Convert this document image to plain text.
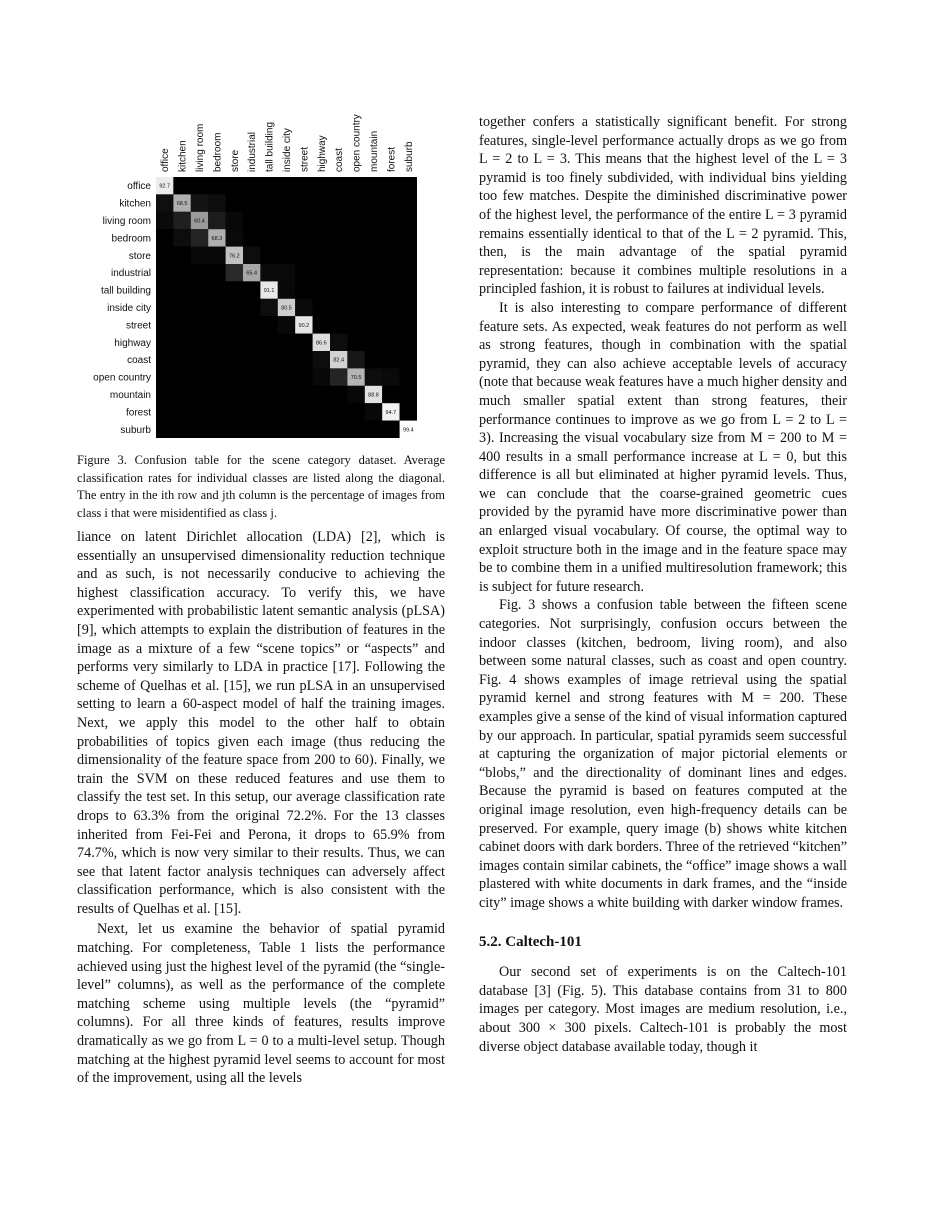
92.7
68.5
60.4
68.3
76.2
65.4
91.1
80.5
90.2
86.6
82.4
70.5
88.8
94.7
99.4
office
kitchen
living room
bedroom
store
industrial
tall building
inside city
street
highway
coast
open country
mountain
forest
suburb
office kitchen living room bedroom store industrial tall building inside city street highway coast open country mountain forest suburb

Figure 3. Confusion table for the scene category dataset. Average classification rates for individual classes are listed along the diagonal. The entry in the ith row and jth column is the percentage of images from class i that were misidentified as class j.

liance on latent Dirichlet allocation (LDA) [2], which is essentially an unsupervised dimensionality reduction technique and as such, is not necessarily conducive to achieving the highest classification accuracy. To verify this, we have experimented with probabilistic latent semantic analysis (pLSA) [9], which attempts to explain the distribution of features in the image as a mixture of a few “scene topics” or “aspects” and performs very similarly to LDA in practice [17]. Following the scheme of Quelhas et al. [15], we run pLSA in an unsupervised setting to learn a 60-aspect model of half the training images. Next, we apply this model to the other half to obtain probabilities of topics given each image (thus reducing the dimensionality of the feature space from 200 to 60). Finally, we train the SVM on these reduced features and use them to classify the test set. In this setup, our average classification rate drops to 63.3% from the original 72.2%. For the 13 classes inherited from Fei-Fei and Perona, it drops to 65.9% from 74.7%, which is now very similar to their results. Thus, we can see that latent factor analysis techniques can adversely affect classification performance, which is also consistent with the results of Quelhas et al. [15].

Next, let us examine the behavior of spatial pyramid matching. For completeness, Table 1 lists the performance achieved using just the highest level of the pyramid (the “single-level” columns), as well as the performance of the complete matching scheme using multiple levels (the “pyramid” columns). For all three kinds of features, results improve dramatically as we go from L = 0 to a multi-level setup. Though matching at the highest pyramid level seems to account for most of the improvement, using all the levels

together confers a statistically significant benefit. For strong features, single-level performance actually drops as we go from L = 2 to L = 3. This means that the highest level of the L = 3 pyramid is too finely subdivided, with individual bins yielding too few matches. Despite the diminished discriminative power of the highest level, the performance of the entire L = 3 pyramid remains essentially identical to that of the L = 2 pyramid. This, then, is the main advantage of the spatial pyramid representation: because it combines multiple resolutions in a principled fashion, it is robust to failures at individual levels.

It is also interesting to compare performance of different feature sets. As expected, weak features do not perform as well as strong features, though in combination with the spatial pyramid, they can also achieve acceptable levels of accuracy (note that because weak features have a much higher density and much smaller spatial extent than strong features, their performance continues to improve as we go from L = 2 to L = 3). Increasing the visual vocabulary size from M = 200 to M = 400 results in a small performance increase at L = 0, but this difference is all but eliminated at higher pyramid levels. Thus, we can conclude that the coarse-grained geometric cues provided by the pyramid have more discriminative power than an enlarged visual vocabulary. Of course, the optimal way to exploit structure both in the image and in the feature space may be to combine them in a unified multiresolution framework; this is subject for future research.

Fig. 3 shows a confusion table between the fifteen scene categories. Not surprisingly, confusion occurs between the indoor classes (kitchen, bedroom, living room), and also between some natural classes, such as coast and open country. Fig. 4 shows examples of image retrieval using the spatial pyramid kernel and strong features with M = 200. These examples give a sense of the kind of visual information captured by our approach. In particular, spatial pyramids seem successful at capturing the organization of major pictorial elements or “blobs,” and the directionality of dominant lines and edges. Because the pyramid is based on features computed at the original image resolution, even high-frequency details can be preserved. For example, query image (b) shows white kitchen cabinet doors with dark borders. Three of the retrieved “kitchen” images contain similar cabinets, the “office” image shows a wall plastered with white documents in dark frames, and the “inside city” image shows a white building with darker window frames.

5.2. Caltech-101

Our second set of experiments is on the Caltech-101 database [3] (Fig. 5). This database contains from 31 to 800 images per category. Most images are medium resolution, i.e., about 300 × 300 pixels. Caltech-101 is probably the most diverse object database available today, though it
